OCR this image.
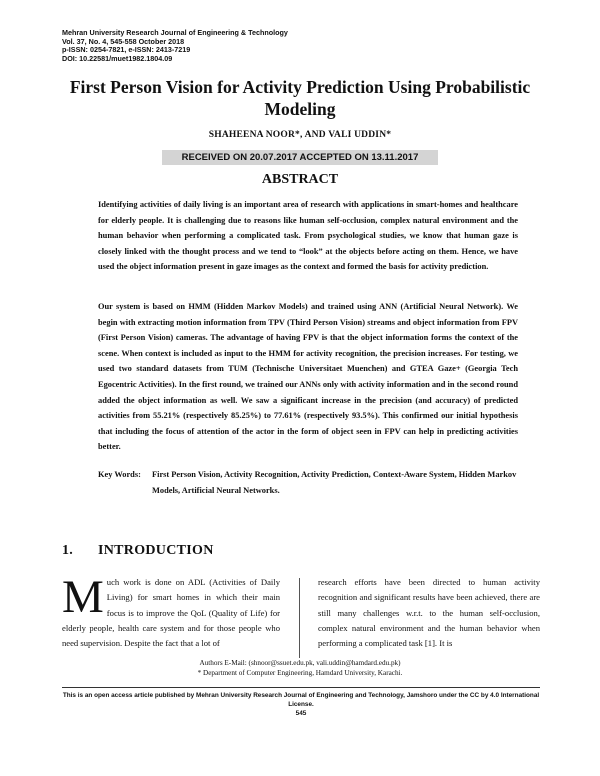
Mehran University Research Journal of Engineering & Technology
Vol. 37, No. 4, 545-558 October 2018
p-ISSN: 0254-7821, e-ISSN: 2413-7219
DOI: 10.22581/muet1982.1804.09
First Person Vision for Activity Prediction Using Probabilistic Modeling
SHAHEENA NOOR*, AND VALI UDDIN*
RECEIVED ON 20.07.2017 ACCEPTED ON 13.11.2017
ABSTRACT

Identifying activities of daily living is an important area of research with applications in smart-homes and healthcare for elderly people. It is challenging due to reasons like human self-occlusion, complex natural environment and the human behavior when performing a complicated task. From psychological studies, we know that human gaze is closely linked with the thought process and we tend to “look” at the objects before acting on them. Hence, we have used the object information present in gaze images as the context and formed the basis for activity prediction.

Our system is based on HMM (Hidden Markov Models) and trained using ANN (Artificial Neural Network). We begin with extracting motion information from TPV (Third Person Vision) streams and object information from FPV (First Person Vision) cameras. The advantage of having FPV is that the object information forms the context of the scene. When context is included as input to the HMM for activity recognition, the precision increases. For testing, we used two standard datasets from TUM (Technische Universitaet Muenchen) and GTEA Gaze+ (Georgia Tech Egocentric Activities). In the first round, we trained our ANNs only with activity information and in the second round added the object information as well. We saw a significant increase in the precision (and accuracy) of predicted activities from 55.21% (respectively 85.25%) to 77.61% (respectively 93.5%). This confirmed our initial hypothesis that including the focus of attention of the actor in the form of object seen in FPV can help in predicting activities better.

Key Words:	First Person Vision, Activity Recognition, Activity Prediction, Context-Aware System, Hidden Markov Models, Artificial Neural Networks.
1. INTRODUCTION

Much work is done on ADL (Activities of Daily Living) for smart homes in which their main focus is to improve the QoL (Quality of Life) for elderly people, health care system and for those people who need supervision. Despite the fact that a lot of

research efforts have been directed to human activity recognition and significant results have been achieved, there are still many challenges w.r.t. to the human self-occlusion, complex natural environment and the human behavior when performing a complicated task [1]. It is

Authors E-Mail: (shnoor@ssuet.edu.pk, vali.uddin@hamdard.edu.pk)
* Department of Computer Engineering, Hamdard University, Karachi.
This is an open access article published by Mehran University Research Journal of Engineering and Technology, Jamshoro under the CC by 4.0 International License.
545
